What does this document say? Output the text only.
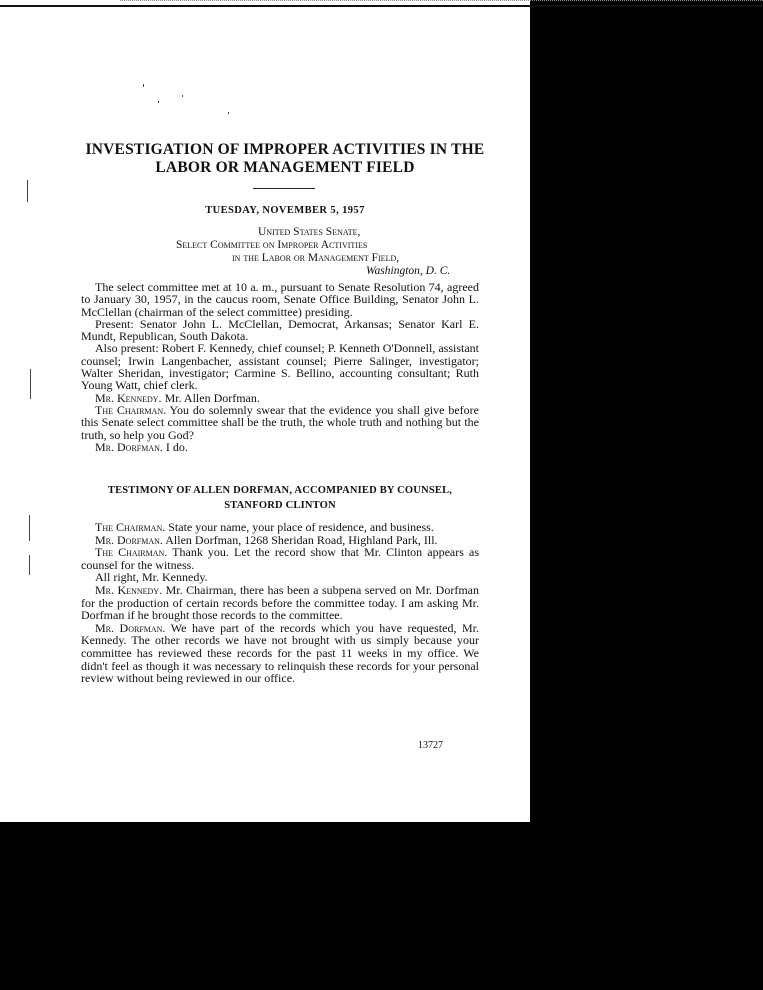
INVESTIGATION OF IMPROPER ACTIVITIES IN THE
LABOR OR MANAGEMENT FIELD
TUESDAY, NOVEMBER 5, 1957
United States Senate,
Select Committee on Improper Activities
in the Labor or Management Field,
Washington, D. C.

The select committee met at 10 a. m., pursuant to Senate Resolution 74, agreed to January 30, 1957, in the caucus room, Senate Office Building, Senator John L. McClellan (chairman of the select committee) presiding.

Present: Senator John L. McClellan, Democrat, Arkansas; Senator Karl E. Mundt, Republican, South Dakota.

Also present: Robert F. Kennedy, chief counsel; P. Kenneth O'Donnell, assistant counsel; Irwin Langenbacher, assistant counsel; Pierre Salinger, investigator; Walter Sheridan, investigator; Carmine S. Bellino, accounting consultant; Ruth Young Watt, chief clerk.

Mr. Kennedy. Mr. Allen Dorfman.

The Chairman. You do solemnly swear that the evidence you shall give before this Senate select committee shall be the truth, the whole truth and nothing but the truth, so help you God?

Mr. Dorfman. I do.

TESTIMONY OF ALLEN DORFMAN, ACCOMPANIED BY COUNSEL,
STANFORD CLINTON

The Chairman. State your name, your place of residence, and business.

Mr. Dorfman. Allen Dorfman, 1268 Sheridan Road, Highland Park, Ill.

The Chairman. Thank you. Let the record show that Mr. Clinton appears as counsel for the witness.

All right, Mr. Kennedy.

Mr. Kennedy. Mr. Chairman, there has been a subpena served on Mr. Dorfman for the production of certain records before the committee today. I am asking Mr. Dorfman if he brought those records to the committee.

Mr. Dorfman. We have part of the records which you have requested, Mr. Kennedy. The other records we have not brought with us simply because your committee has reviewed these records for the past 11 weeks in my office. We didn't feel as though it was necessary to relinquish these records for your personal review without being reviewed in our office.

13727
